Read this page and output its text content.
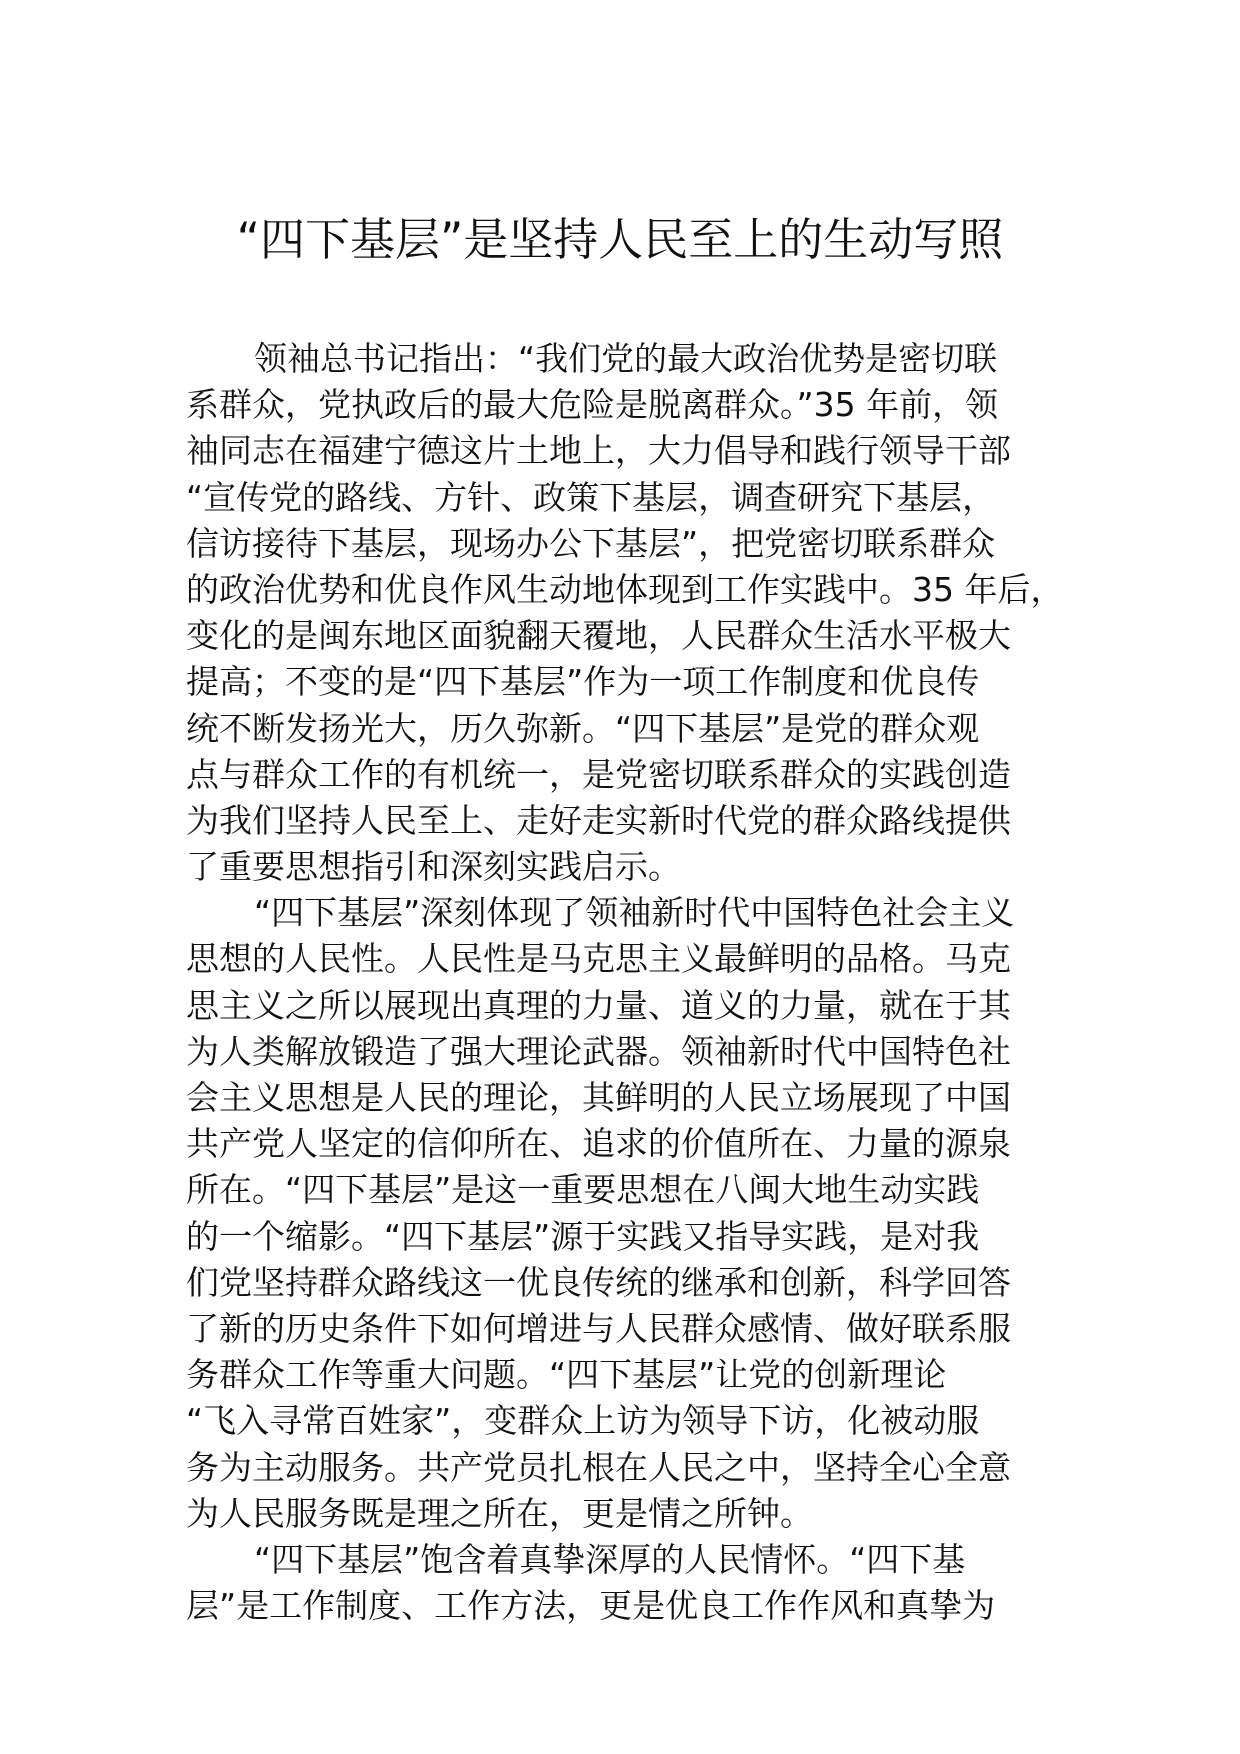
“四下基层”是坚持人民至上的生动写照
领袖总书记指出：“我们党的最大政治优势是密切联
系群众，党执政后的最大危险是脱离群众。”35 年前，领
袖同志在福建宁德这片土地上，大力倡导和践行领导干部
“宣传党的路线、方针、政策下基层，调查研究下基层，
信访接待下基层，现场办公下基层”，把党密切联系群众
的政治优势和优良作风生动地体现到工作实践中。35 年后，
变化的是闽东地区面貌翻天覆地，人民群众生活水平极大
提高；不变的是“四下基层”作为一项工作制度和优良传
统不断发扬光大，历久弥新。“四下基层”是党的群众观
点与群众工作的有机统一，是党密切联系群众的实践创造
为我们坚持人民至上、走好走实新时代党的群众路线提供
了重要思想指引和深刻实践启示。
“四下基层”深刻体现了领袖新时代中国特色社会主义
思想的人民性。人民性是马克思主义最鲜明的品格。马克
思主义之所以展现出真理的力量、道义的力量，就在于其
为人类解放锻造了强大理论武器。领袖新时代中国特色社
会主义思想是人民的理论，其鲜明的人民立场展现了中国
共产党人坚定的信仰所在、追求的价值所在、力量的源泉
所在。“四下基层”是这一重要思想在八闽大地生动实践
的一个缩影。“四下基层”源于实践又指导实践，是对我
们党坚持群众路线这一优良传统的继承和创新，科学回答
了新的历史条件下如何增进与人民群众感情、做好联系服
务群众工作等重大问题。“四下基层”让党的创新理论
“飞入寻常百姓家”，变群众上访为领导下访，化被动服
务为主动服务。共产党员扎根在人民之中，坚持全心全意
为人民服务既是理之所在，更是情之所钟。
“四下基层”饱含着真挚深厚的人民情怀。“四下基
层”是工作制度、工作方法，更是优良工作作风和真挚为
